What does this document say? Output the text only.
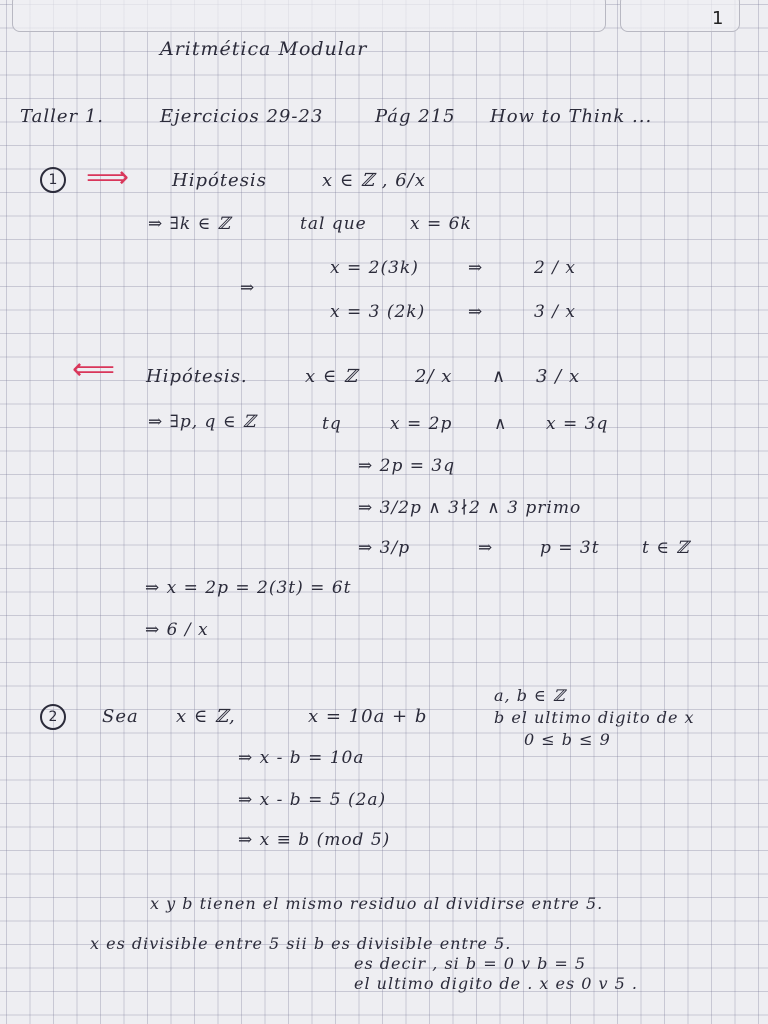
1
Aritmética Modular
Taller 1.	Ejercicios 29-23	Pág 215 How to Think ...
1 ⟹ Hipótesis	x ∈ ℤ , 6/x
⇒ ∃k ∈ ℤ	tal que	x = 6k
x = 2(3k)	⇒	2 / x
⇒
x = 3 (2k)	⇒	3 / x
⟸ Hipótesis.	x ∈ ℤ	2/ x ∧ 3 / x
⇒ ∃p, q ∈ ℤ	tq	x = 2p ∧ x = 3q
⇒ 2p = 3q
⇒ 3/2p ∧ 3∤2 ∧ 3 primo
⇒ 3/p	⇒	p = 3t t ∈ ℤ
⇒ x = 2p = 2(3t) = 6t
⇒ 6 / x
2	Sea x ∈ ℤ,	x = 10a + b
a, b ∈ ℤ
b el ultimo digito de x
0 ≤ b ≤ 9
⇒ x - b = 10a
⇒ x - b = 5 (2a)
⇒ x ≡ b (mod 5)
x y b tienen el mismo residuo al dividirse entre 5.
x es divisible entre 5 sii b es divisible entre 5.
es decir , si b = 0 v b = 5
el ultimo digito de . x es 0 v 5 .
